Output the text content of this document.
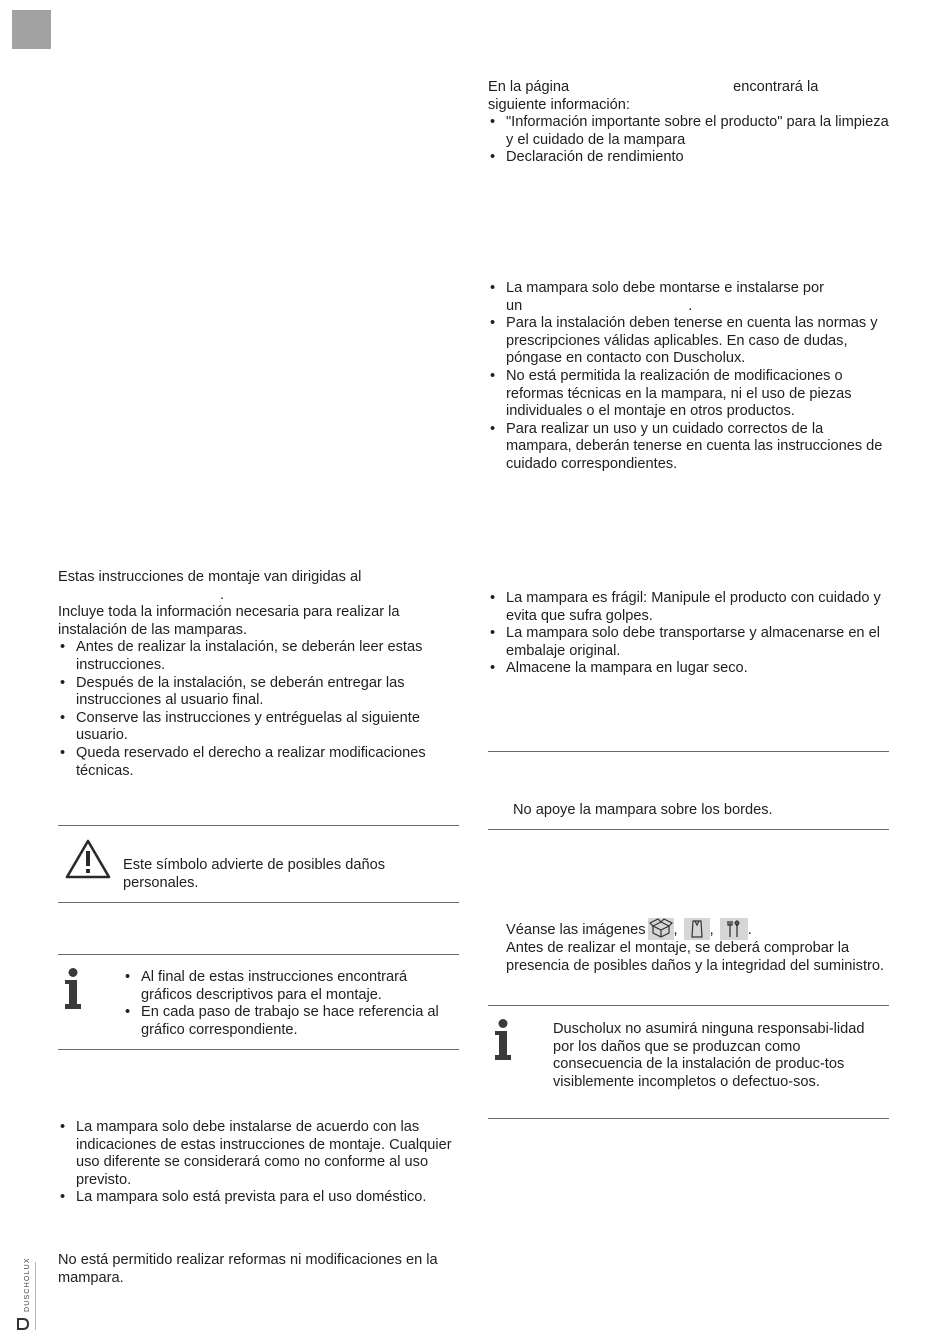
En la página	encontrará la

siguiente información:

• "Información importante sobre el producto" para la limpieza y el cuidado de la mampara
• Declaración de rendimiento
• La mampara solo debe montarse e instalarse por
un	.
• Para la instalación deben tenerse en cuenta las normas y prescripciones válidas aplicables. En caso de dudas, póngase en contacto con Duscholux.
• No está permitida la realización de modificaciones o reformas técnicas en la mampara, ni el uso de piezas individuales o el montaje en otros productos.
• Para realizar un uso y un cuidado correctos de la mampara, deberán tenerse en cuenta las instrucciones de cuidado correspondientes.
• La mampara es frágil: Manipule el producto con cuidado y evita que sufra golpes.
• La mampara solo debe transportarse y almacenarse en el embalaje original.
• Almacene la mampara en lugar seco.

No apoye la mampara sobre los bordes.

Véanse las imágenes , , .

Antes de realizar el montaje, se deberá comprobar la presencia de posibles daños y la integridad del suministro.

Duscholux no asumirá ninguna responsabi-lidad por los daños que se produzcan como consecuencia de la instalación de produc-tos visiblemente incompletos o defectuo-sos.

Estas instrucciones de montaje van dirigidas al

.

Incluye toda la información necesaria para realizar la instalación de las mamparas.

• Antes de realizar la instalación, se deberán leer estas instrucciones.
• Después de la instalación, se deberán entregar las instrucciones al usuario final.
• Conserve las instrucciones y entréguelas al siguiente usuario.
• Queda reservado el derecho a realizar modificaciones técnicas.

Este símbolo advierte de posibles daños personales.

• Al final de estas instrucciones encontrará gráficos descriptivos para el montaje.
• En cada paso de trabajo se hace referencia al gráfico correspondiente.
• La mampara solo debe instalarse de acuerdo con las indicaciones de estas instrucciones de montaje. Cualquier uso diferente se considerará como no conforme al uso previsto.
• La mampara solo está prevista para el uso doméstico.

No está permitido realizar reformas ni modificaciones en la mampara.

DUSCHOLUX
